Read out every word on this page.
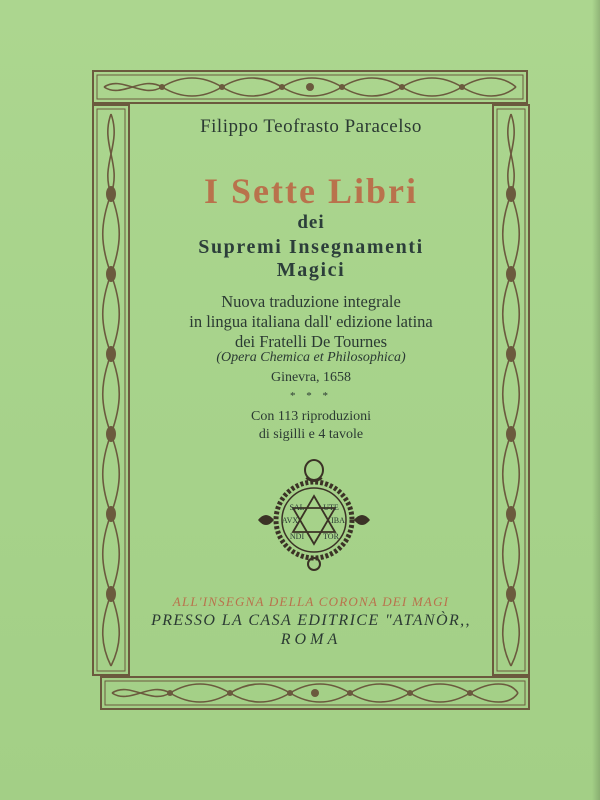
Filippo Teofrasto Paracelso
I Sette Libri
dei
Supremi Insegnamenti
Magici
Nuova traduzione integrale
in lingua italiana dall' edizione latina
dei Fratelli De Tournes
(Opera Chemica et Philosophica)
Ginevra, 1658
* * *
Con 113 riproduzioni
di sigilli e 4 tavole
SAL UTE
AVX	IBA
NDI TOR
ALL'INSEGNA DELLA CORONA DEI MAGI
PRESSO LA CASA EDITRICE "ATANÒR,,
ROMA
